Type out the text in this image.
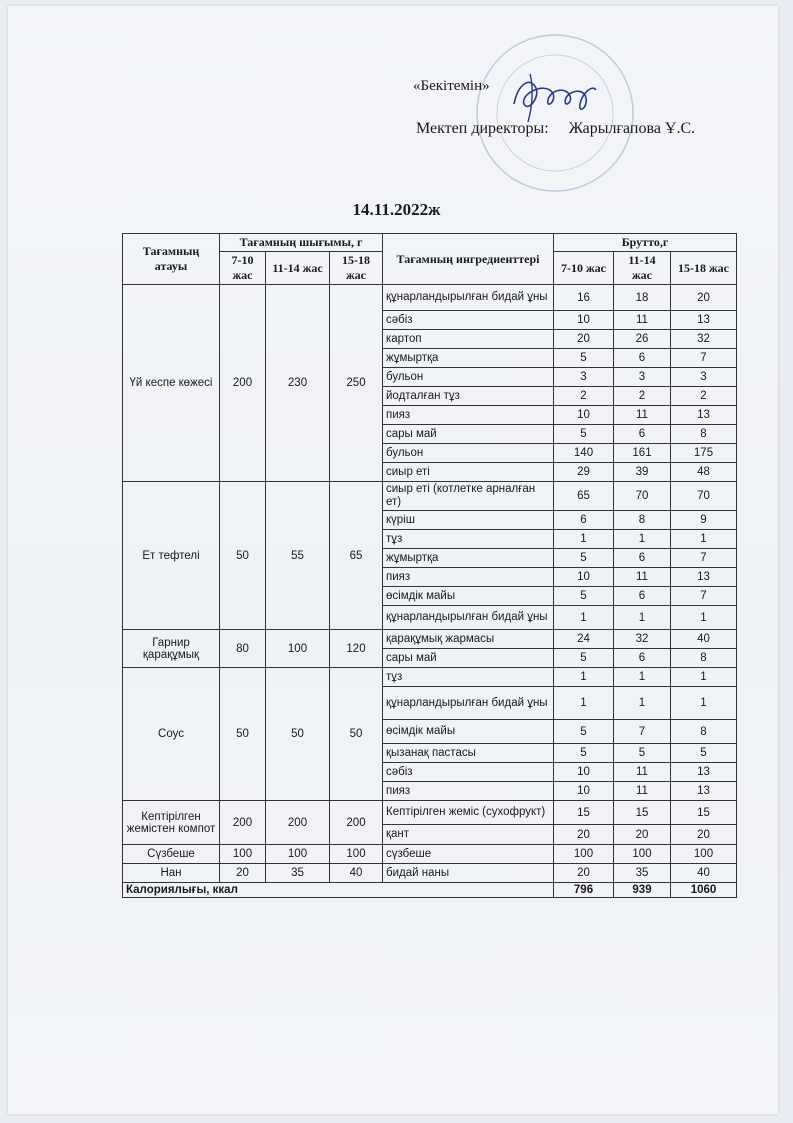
«Бекітемін»
Мектеп директоры: Жарылғапова Ұ.С.
14.11.2022ж
Тағамның атауы	Тағамның шығымы, г			Тағамның ингредиенттері	Брутто,г		
	7-10 жас	11-14 жас	15-18 жас		7-10 жас	11-14 жас	15-18 жас
Үй кеспе көжесі	200	230	250	құнарландырылған бидай ұны	16	18	20
				сәбіз	10	11	13
				картоп	20	26	32
				жұмыртқа	5	6	7
				бульон	3	3	3
				йодталған тұз	2	2	2
				пияз	10	11	13
				сары май	5	6	8
				бульон	140	161	175
				сиыр еті	29	39	48
Ет тефтелі	50	55	65	сиыр еті (котлетке арналған ет)	65	70	70
				күріш	6	8	9
				тұз	1	1	1
				жұмыртқа	5	6	7
				пияз	10	11	13
				өсімдік майы	5	6	7
				құнарландырылған бидай ұны	1	1	1
Гарнир қарақұмық	80	100	120	қарақұмық жармасы	24	32	40
				сары май	5	6	8
Соус	50	50	50	тұз	1	1	1
				құнарландырылған бидай ұны	1	1	1
				өсімдік майы	5	7	8
				қызанақ пастасы	5	5	5
				сәбіз	10	11	13
				пияз	10	11	13
Кептірілген жемістен компот	200	200	200	Кептірілген жеміс (сухофрукт)	15	15	15
				қант	20	20	20
Сүзбеше	100	100	100	сүзбеше	100	100	100
Нан	20	35	40	бидай наны	20	35	40
Калориялығы, ккал					796	939	1060
